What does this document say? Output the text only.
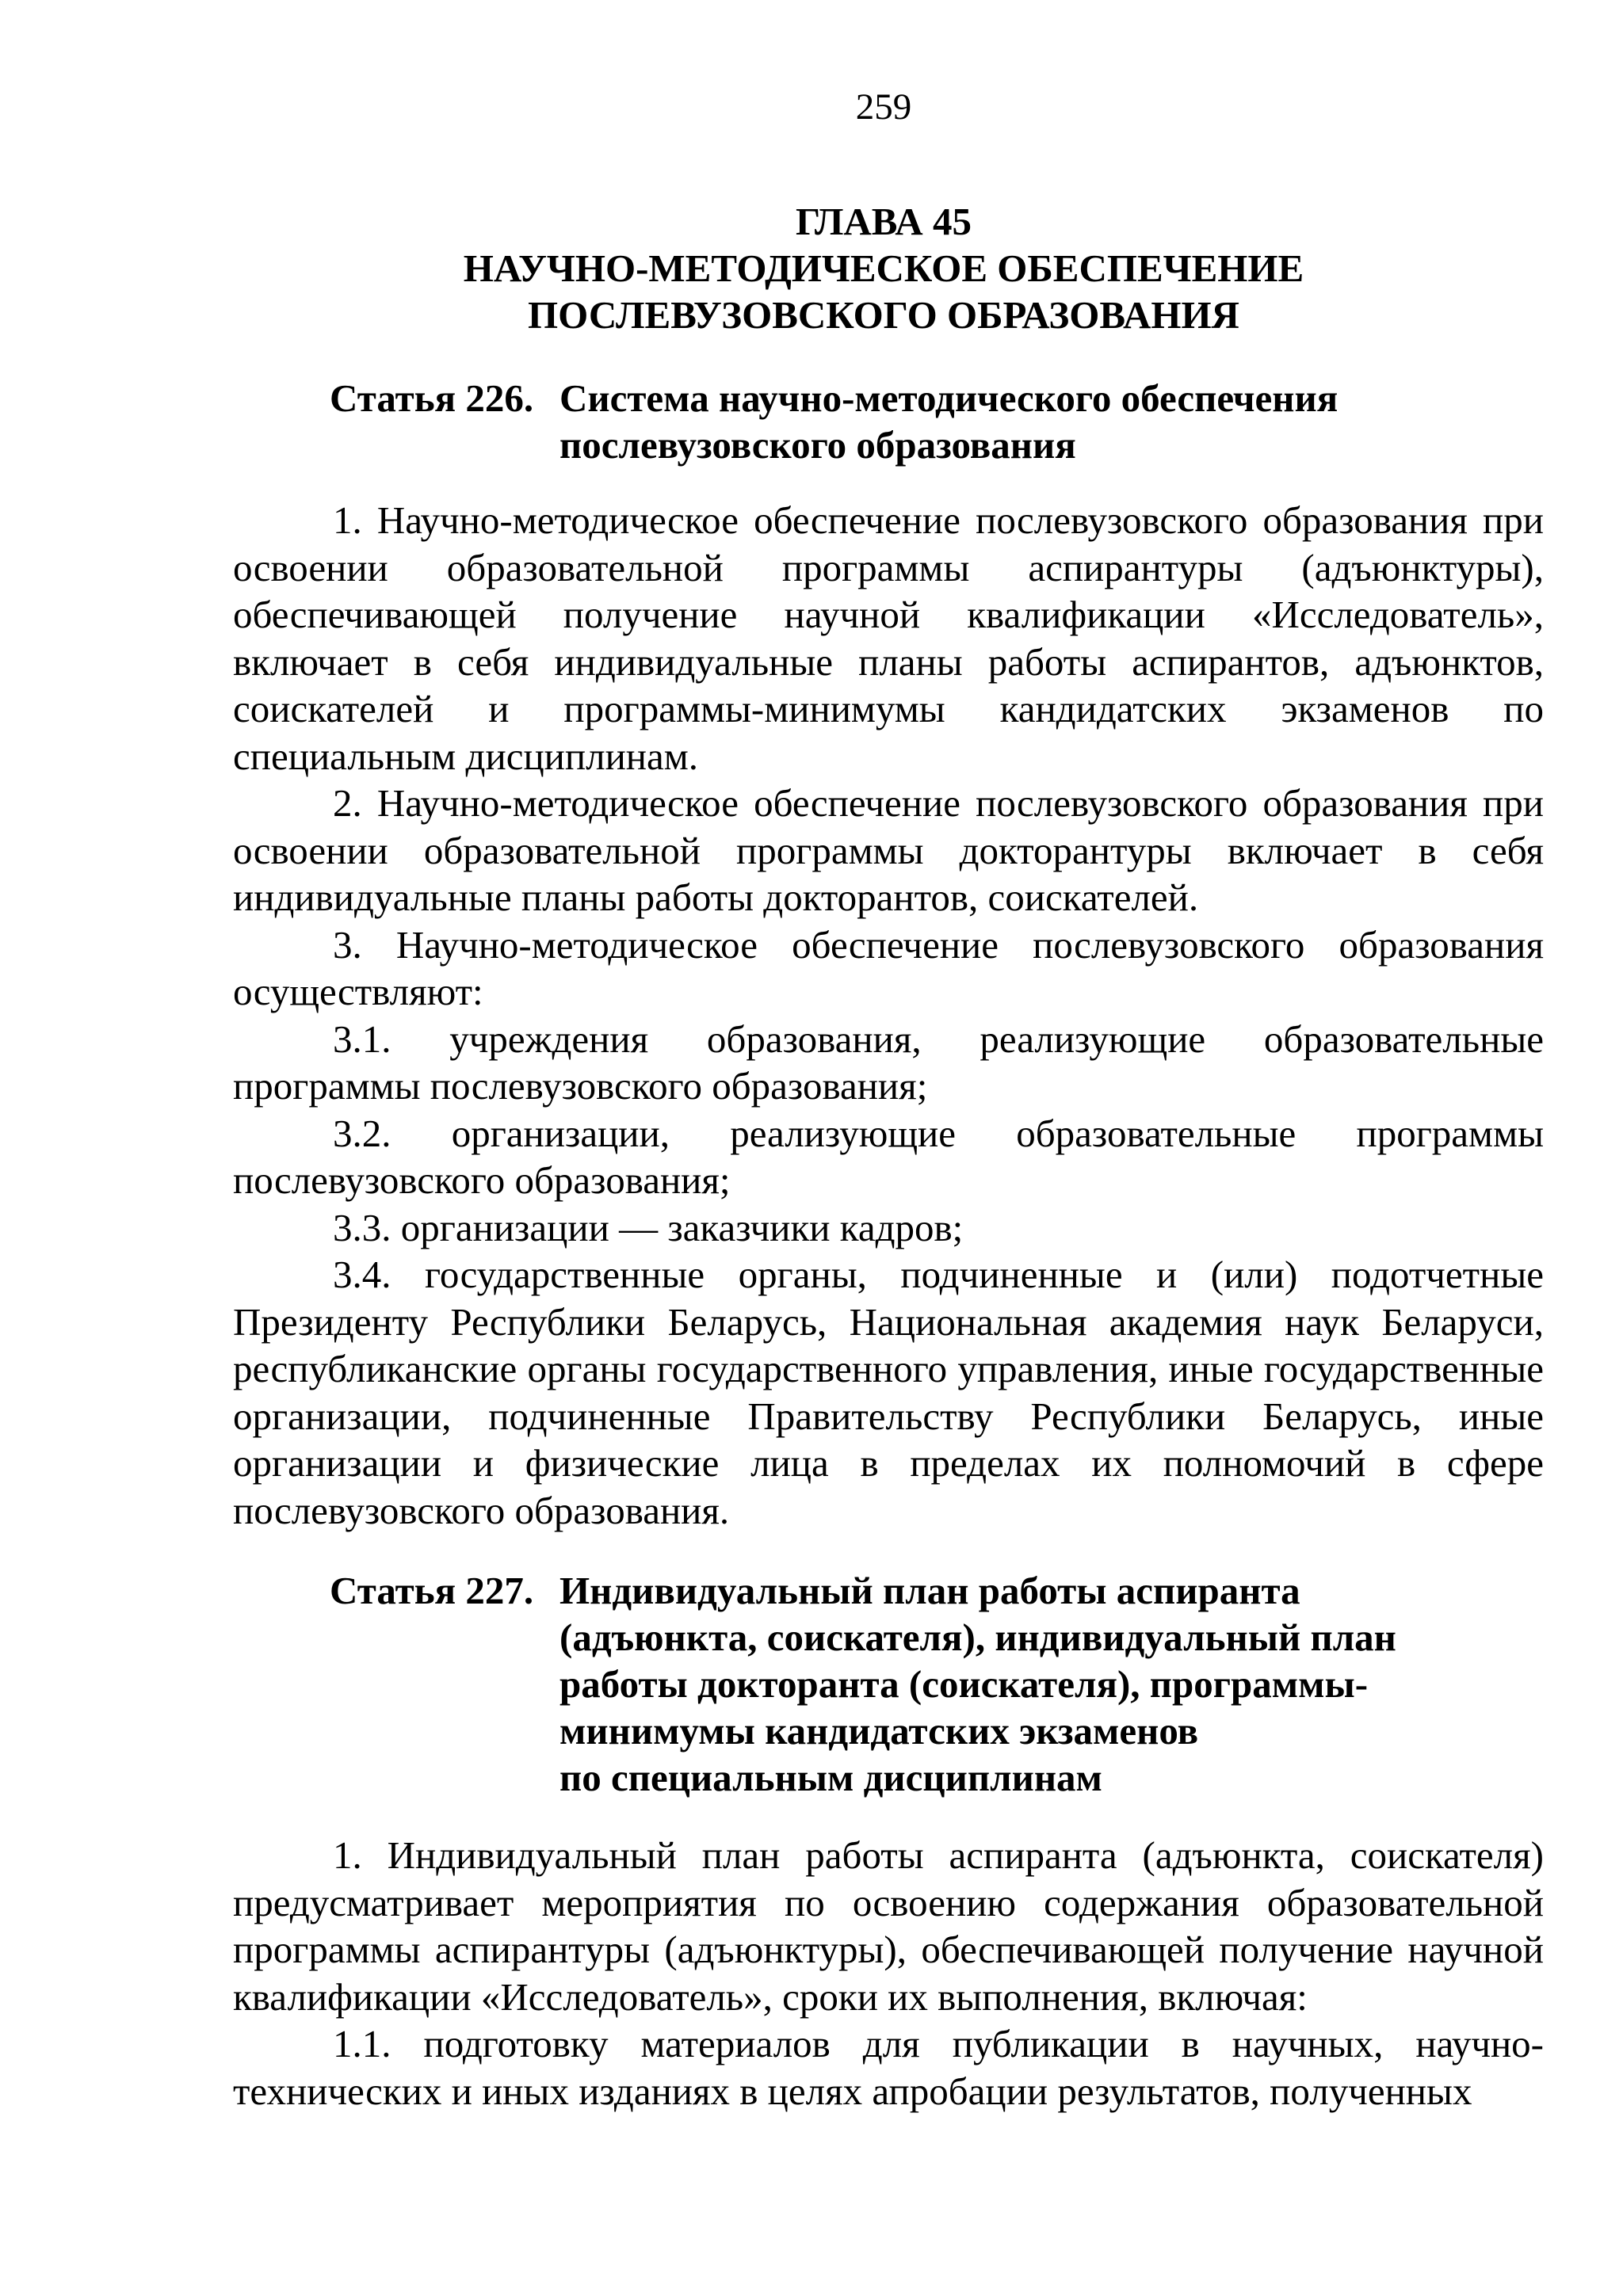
259
ГЛАВА 45
НАУЧНО-МЕТОДИЧЕСКОЕ ОБЕСПЕЧЕНИЕ
ПОСЛЕВУЗОВСКОГО ОБРАЗОВАНИЯ
Статья 226. Система научно-методического обеспечения
послевузовского образования

1. Научно-методическое обеспечение послевузовского образования при освоении образовательной программы аспирантуры (адъюнктуры), обеспечивающей получение научной квалификации «Исследователь», включает в себя индивидуальные планы работы аспирантов, адъюнктов, соискателей и программы-минимумы кандидатских экзаменов по специальным дисциплинам.

2. Научно-методическое обеспечение послевузовского образования при освоении образовательной программы докторантуры включает в себя индивидуальные планы работы докторантов, соискателей.

3. Научно-методическое обеспечение послевузовского образования осуществляют:

3.1. учреждения образования, реализующие образовательные программы послевузовского образования;

3.2. организации, реализующие образовательные программы послевузовского образования;

3.3. организации — заказчики кадров;

3.4. государственные органы, подчиненные и (или) подотчетные Президенту Республики Беларусь, Национальная академия наук Беларуси, республиканские органы государственного управления, иные государственные организации, подчиненные Правительству Республики Беларусь, иные организации и физические лица в пределах их полномочий в сфере послевузовского образования.

Статья 227. Индивидуальный план работы аспиранта
(адъюнкта, соискателя), индивидуальный план
работы докторанта (соискателя), программы-
минимумы кандидатских экзаменов
по специальным дисциплинам

1. Индивидуальный план работы аспиранта (адъюнкта, соискателя) предусматривает мероприятия по освоению содержания образовательной программы аспирантуры (адъюнктуры), обеспечивающей получение научной квалификации «Исследователь», сроки их выполнения, включая:

1.1. подготовку материалов для публикации в научных, научно-технических и иных изданиях в целях апробации результатов, полученных
